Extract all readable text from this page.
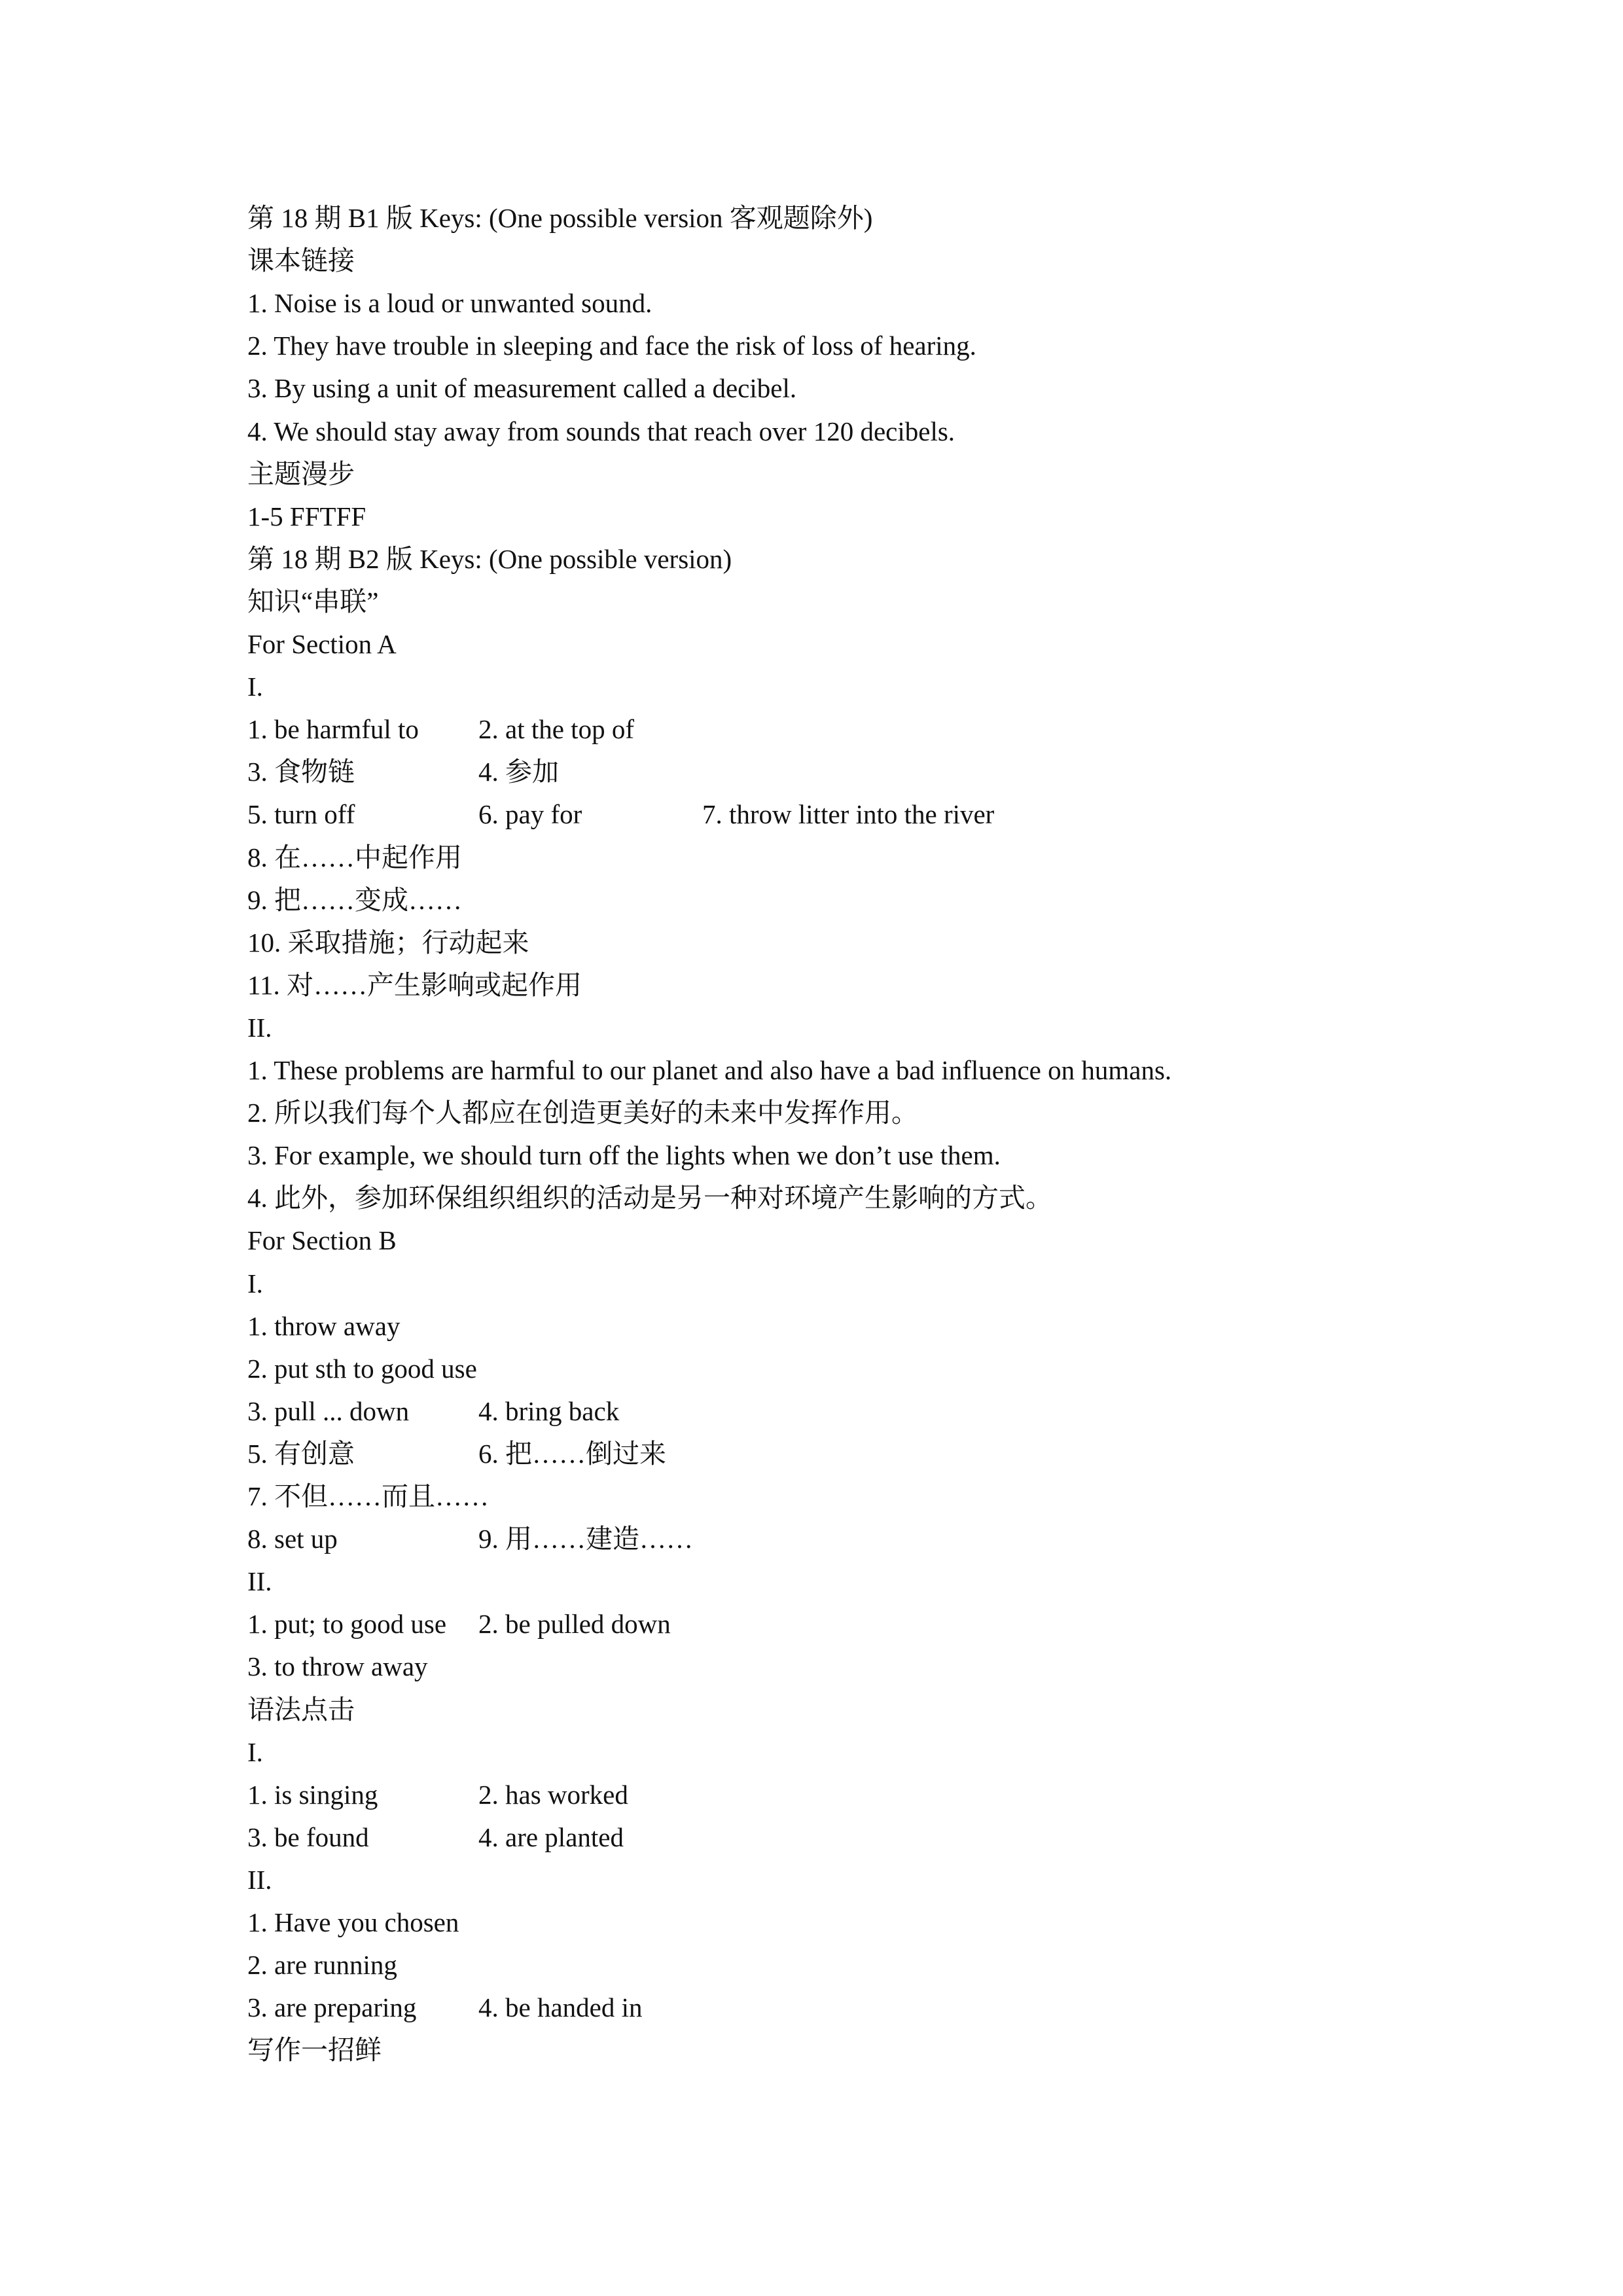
第 18 期 B1 版 Keys: (One possible version 客观题除外)
课本链接
1. Noise is a loud or unwanted sound.
2. They have trouble in sleeping and face the risk of loss of hearing.
3. By using a unit of measurement called a decibel.
4. We should stay away from sounds that reach over 120 decibels.
主题漫步
1-5 FFTFF
第 18 期 B2 版 Keys: (One possible version)
知识“串联”
For Section A
I.
1. be harmful to 2. at the top of
3. 食物链	4. 参加
5. turn off	6. pay for	7. throw litter into the river
8. 在……中起作用
9. 把……变成……
10. 采取措施；行动起来
11. 对……产生影响或起作用
II.
1. These problems are harmful to our planet and also have a bad influence on humans.
2. 所以我们每个人都应在创造更美好的未来中发挥作用。
3. For example, we should turn off the lights when we don’t use them.
4. 此外，参加环保组织组织的活动是另一种对环境产生影响的方式。
For Section B
I.
1. throw away
2. put sth to good use
3. pull ... down	4. bring back
5. 有创意	6. 把……倒过来
7. 不但……而且……
8. set up	9. 用……建造……
II.
1. put; to good use 2. be pulled down
3. to throw away
语法点击
I.
1. is singing	2. has worked
3. be found	4. are planted
II.
1. Have you chosen
2. are running
3. are preparing 4. be handed in
写作一招鲜
